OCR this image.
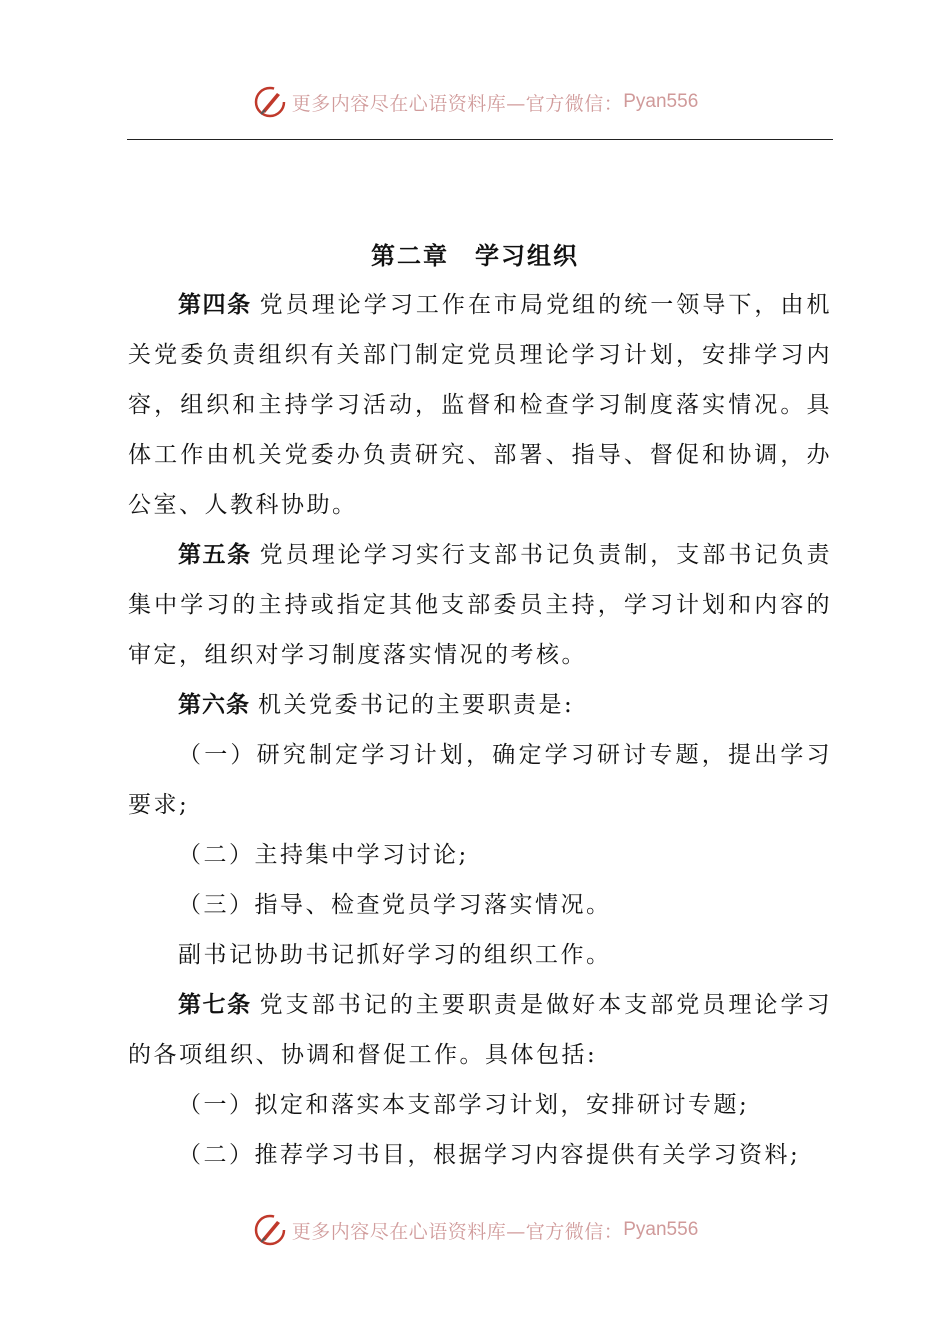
更多内容尽在心语资料库—官方微信： Pyan556
第二章　学习组织

第四条 党员理论学习工作在市局党组的统一领导下，由机关党委负责组织有关部门制定党员理论学习计划，安排学习内容，组织和主持学习活动，监督和检查学习制度落实情况。具体工作由机关党委办负责研究、部署、指导、督促和协调，办公室、人教科协助。

第五条 党员理论学习实行支部书记负责制，支部书记负责集中学习的主持或指定其他支部委员主持，学习计划和内容的审定，组织对学习制度落实情况的考核。

第六条 机关党委书记的主要职责是:

（一）研究制定学习计划，确定学习研讨专题，提出学习要求;

（二）主持集中学习讨论;

（三）指导、检查党员学习落实情况。

副书记协助书记抓好学习的组织工作。

第七条 党支部书记的主要职责是做好本支部党员理论学习的各项组织、协调和督促工作。具体包括:

（一）拟定和落实本支部学习计划，安排研讨专题;

（二）推荐学习书目，根据学习内容提供有关学习资料;

更多内容尽在心语资料库—官方微信： Pyan556
